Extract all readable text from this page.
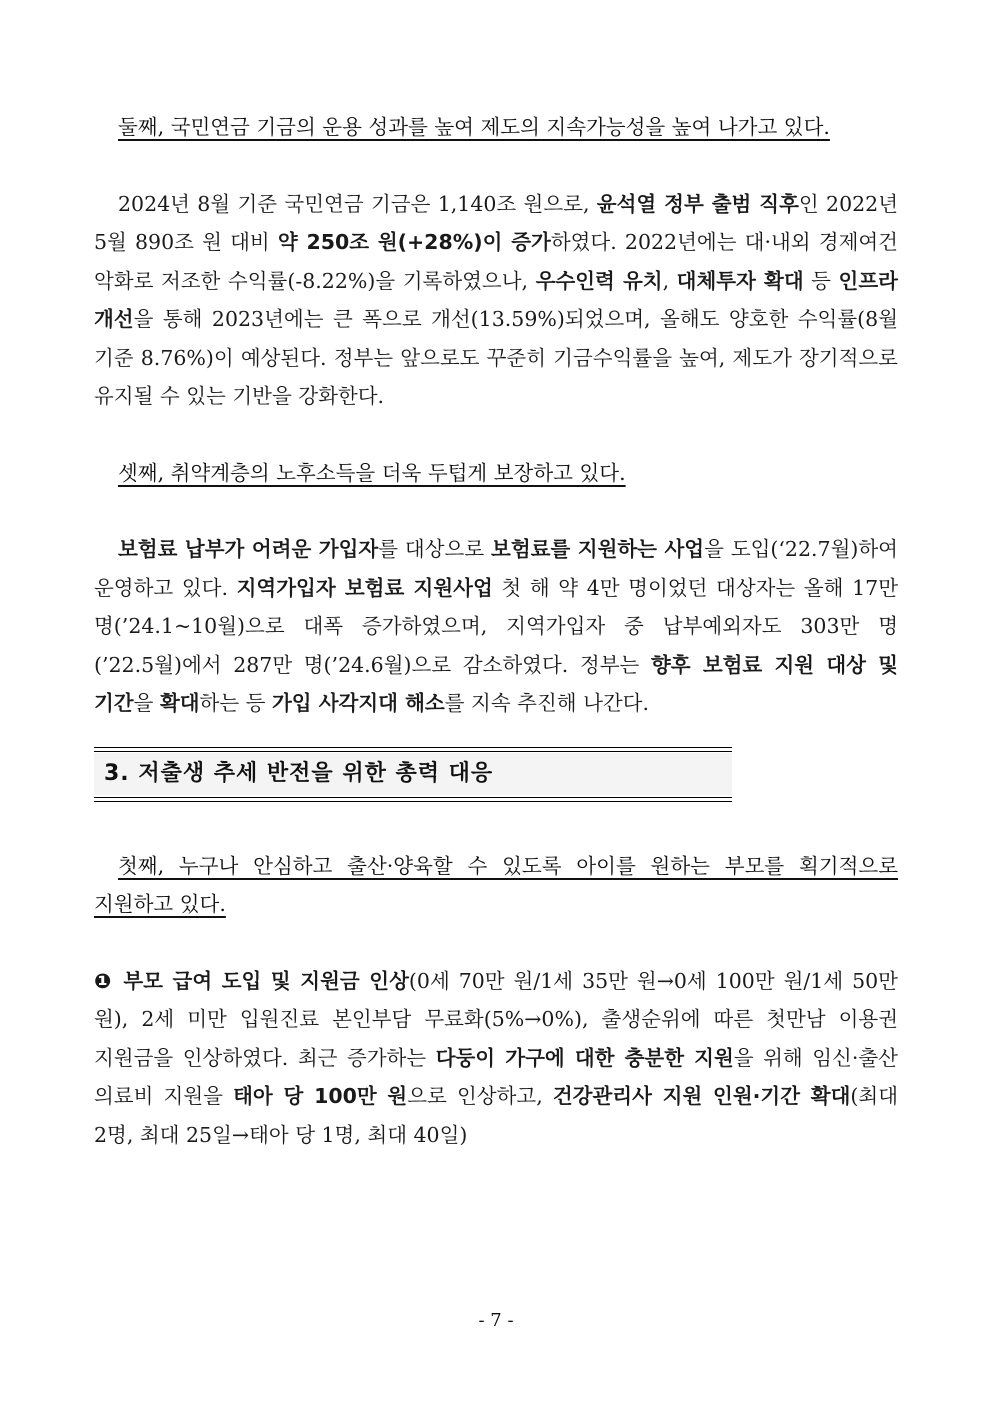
둘째, 국민연금 기금의 운용 성과를 높여 제도의 지속가능성을 높여 나가고 있다.

2024년 8월 기준 국민연금 기금은 1,140조 원으로, 윤석열 정부 출범 직후인 2022년 5월 890조 원 대비 약 250조 원(+28%)이 증가하였다. 2022년에는 대·내외 경제여건 악화로 저조한 수익률(-8.22%)을 기록하였으나, 우수인력 유치, 대체투자 확대 등 인프라 개선을 통해 2023년에는 큰 폭으로 개선(13.59%)되었으며, 올해도 양호한 수익률(8월 기준 8.76%)이 예상된다. 정부는 앞으로도 꾸준히 기금수익률을 높여, 제도가 장기적으로 유지될 수 있는 기반을 강화한다.

셋째, 취약계층의 노후소득을 더욱 두텁게 보장하고 있다.

보험료 납부가 어려운 가입자를 대상으로 보험료를 지원하는 사업을 도입(‘22.7월)하여 운영하고 있다. 지역가입자 보험료 지원사업 첫 해 약 4만 명이었던 대상자는 올해 17만 명(’24.1~10월)으로 대폭 증가하였으며, 지역가입자 중 납부예외자도 303만 명(’22.5월)에서 287만 명(’24.6월)으로 감소하였다. 정부는 향후 보험료 지원 대상 및 기간을 확대하는 등 가입 사각지대 해소를 지속 추진해 나간다.

3. 저출생 추세 반전을 위한 총력 대응

첫째, 누구나 안심하고 출산·양육할 수 있도록 아이를 원하는 부모를 획기적으로 지원하고 있다.

❶ 부모 급여 도입 및 지원금 인상(0세 70만 원/1세 35만 원→0세 100만 원/1세 50만 원), 2세 미만 입원진료 본인부담 무료화(5%→0%), 출생순위에 따른 첫만남 이용권 지원금을 인상하였다. 최근 증가하는 다둥이 가구에 대한 충분한 지원을 위해 임신·출산 의료비 지원을 태아 당 100만 원으로 인상하고, 건강관리사 지원 인원·기간 확대(최대 2명, 최대 25일→태아 당 1명, 최대 40일)

- 7 -
